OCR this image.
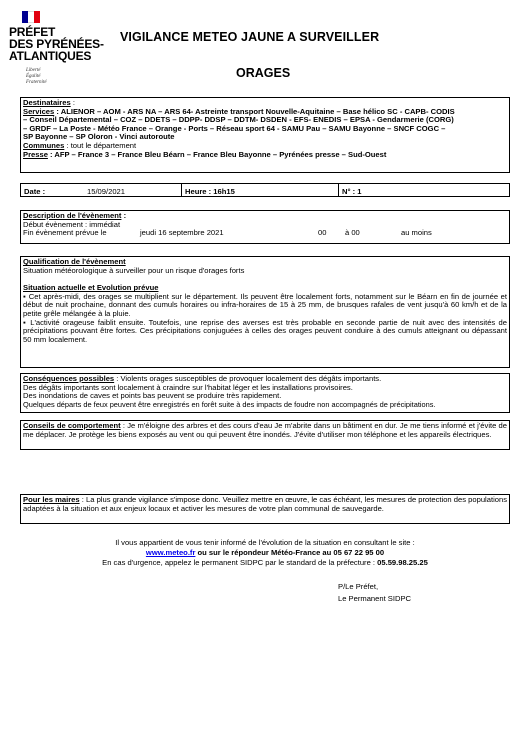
PRÉFET
DES PYRÉNÉES-
ATLANTIQUES
Liberté
Égalité
Fraternité
VIGILANCE METEO JAUNE A SURVEILLER
ORAGES
Destinataires :
Services : ALIENOR – AOM - ARS NA – ARS 64- Astreinte transport Nouvelle-Aquitaine – Base hélico SC - CAPB- CODIS
– Conseil Départemental – COZ – DDETS – DDPP- DDSP – DDTM- DSDEN - EFS- ENEDIS – EPSA - Gendarmerie (CORG)
– GRDF – La Poste - Météo France – Orange - Ports – Réseau sport 64 - SAMU Pau – SAMU Bayonne – SNCF COGC –
SP Bayonne – SP Oloron - Vinci autoroute
Communes : tout le département
Presse : AFP – France 3 – France Bleu Béarn – France Bleu Bayonne – Pyrénées presse – Sud-Ouest
Date :	15/09/2021	Heure : 16h15	N° : 1
Description de l'évènement :
Début évènement : immédiat
Fin évènement prévue le	jeudi 16 septembre 2021	00 à 00	au moins
Qualification de l'évènement
Situation météorologique à surveiller pour un risque d'orages forts
Situation actuelle et Evolution prévue
▪ Cet après-midi, des orages se multiplient sur le département. Ils peuvent être localement forts, notamment sur le Béarn en fin de journée et début de nuit prochaine, donnant des cumuls horaires ou infra-horaires de 15 à 25 mm, de brusques rafales de vent jusqu'à 60 km/h et de la petite grêle mélangée à la pluie.
▪ L'activité orageuse faiblit ensuite. Toutefois, une reprise des averses est très probable en seconde partie de nuit avec des intensités de précipitations pouvant être fortes. Ces précipitations conjuguées à celles des orages peuvent conduire à des cumuls atteignant ou dépassant 50 mm localement.
Conséquences possibles : Violents orages susceptibles de provoquer localement des dégâts importants.
Des dégâts importants sont localement à craindre sur l'habitat léger et les installations provisoires.
Des inondations de caves et points bas peuvent se produire très rapidement.
Quelques départs de feux peuvent être enregistrés en forêt suite à des impacts de foudre non accompagnés de précipitations.
Conseils de comportement : Je m'éloigne des arbres et des cours d'eau Je m'abrite dans un bâtiment en dur. Je me tiens informé et j'évite de me déplacer. Je protège les biens exposés au vent ou qui peuvent être inondés. J'évite d'utiliser mon téléphone et les appareils électriques.
Pour les maires : La plus grande vigilance s'impose donc. Veuillez mettre en œuvre, le cas échéant, les mesures de protection des populations adaptées à la situation et aux enjeux locaux et activer les mesures de votre plan communal de sauvegarde.
Il vous appartient de vous tenir informé de l'évolution de la situation en consultant le site :
www.meteo.fr ou sur le répondeur Météo-France au 05 67 22 95 00
En cas d'urgence, appelez le permanent SIDPC par le standard de la préfecture : 05.59.98.25.25
P/Le Préfet,
Le Permanent SIDPC
